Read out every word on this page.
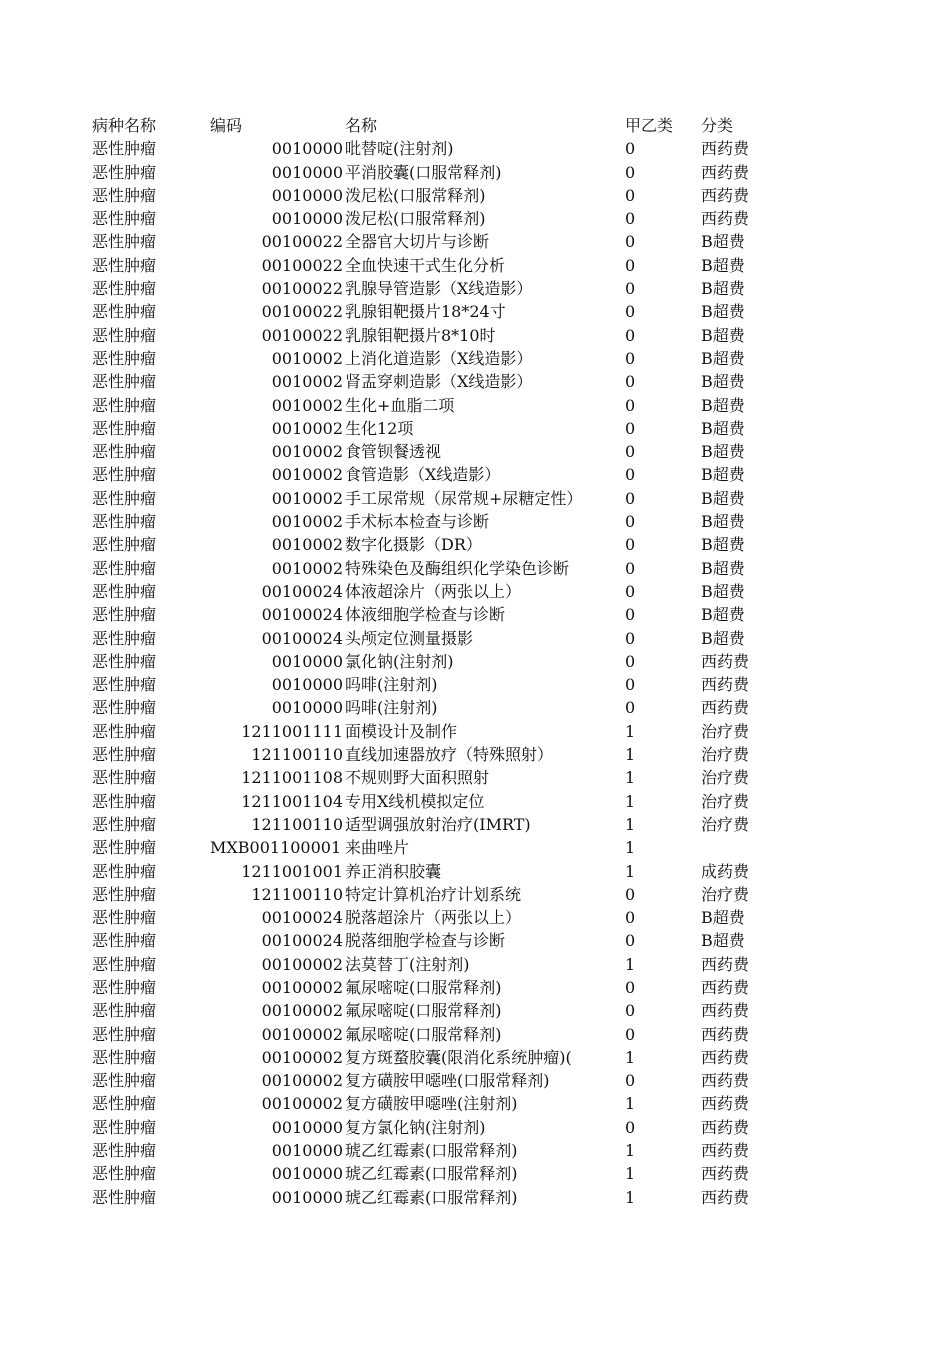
病种名称	编码	名称	甲乙类 分类
恶性肿瘤	0010000 吡替啶(注射剂)	0	西药费
恶性肿瘤	0010000 平消胶囊(口服常释剂)	0	西药费
恶性肿瘤	0010000 泼尼松(口服常释剂)	0	西药费
恶性肿瘤	0010000 泼尼松(口服常释剂)	0	西药费
恶性肿瘤	00100022 全器官大切片与诊断	0	B超费
恶性肿瘤	00100022 全血快速干式生化分析	0	B超费
恶性肿瘤	00100022 乳腺导管造影（X线造影）	0	B超费
恶性肿瘤	00100022 乳腺钼靶摄片18*24寸	0	B超费
恶性肿瘤	00100022 乳腺钼靶摄片8*10时	0	B超费
恶性肿瘤	0010002 上消化道造影（X线造影）	0	B超费
恶性肿瘤	0010002 肾盂穿刺造影（X线造影）	0	B超费
恶性肿瘤	0010002 生化+血脂二项	0	B超费
恶性肿瘤	0010002 生化12项	0	B超费
恶性肿瘤	0010002 食管钡餐透视	0	B超费
恶性肿瘤	0010002 食管造影（X线造影）	0	B超费
恶性肿瘤	0010002 手工尿常规（尿常规+尿糖定性）	0	B超费
恶性肿瘤	0010002 手术标本检查与诊断	0	B超费
恶性肿瘤	0010002 数字化摄影（DR）	0	B超费
恶性肿瘤	0010002 特殊染色及酶组织化学染色诊断	0	B超费
恶性肿瘤	00100024 体液超涂片（两张以上）	0	B超费
恶性肿瘤	00100024 体液细胞学检查与诊断	0	B超费
恶性肿瘤	00100024 头颅定位测量摄影	0	B超费
恶性肿瘤	0010000 氯化钠(注射剂)	0	西药费
恶性肿瘤	0010000 吗啡(注射剂)	0	西药费
恶性肿瘤	0010000 吗啡(注射剂)	0	西药费
恶性肿瘤	1211001111 面模设计及制作	1	治疗费
恶性肿瘤	121100110 直线加速器放疗（特殊照射）	1	治疗费
恶性肿瘤	1211001108 不规则野大面积照射	1	治疗费
恶性肿瘤	1211001104 专用X线机模拟定位	1	治疗费
恶性肿瘤	121100110 适型调强放射治疗(IMRT)	1	治疗费
恶性肿瘤	MXB001100001 来曲唑片	1
恶性肿瘤	1211001001 养正消积胶囊	1	成药费
恶性肿瘤	121100110 特定计算机治疗计划系统	0	治疗费
恶性肿瘤	00100024 脱落超涂片（两张以上）	0	B超费
恶性肿瘤	00100024 脱落细胞学检查与诊断	0	B超费
恶性肿瘤	00100002 法莫替丁(注射剂)	1	西药费
恶性肿瘤	00100002 氟尿嘧啶(口服常释剂)	0	西药费
恶性肿瘤	00100002 氟尿嘧啶(口服常释剂)	0	西药费
恶性肿瘤	00100002 氟尿嘧啶(口服常释剂)	0	西药费
恶性肿瘤	00100002 复方斑蝥胶囊(限消化系统肿瘤)(	1	西药费
恶性肿瘤	00100002 复方磺胺甲噁唑(口服常释剂)	0	西药费
恶性肿瘤	00100002 复方磺胺甲噁唑(注射剂)	1	西药费
恶性肿瘤	0010000 复方氯化钠(注射剂)	0	西药费
恶性肿瘤	0010000 琥乙红霉素(口服常释剂)	1	西药费
恶性肿瘤	0010000 琥乙红霉素(口服常释剂)	1	西药费
恶性肿瘤	0010000 琥乙红霉素(口服常释剂)	1	西药费
